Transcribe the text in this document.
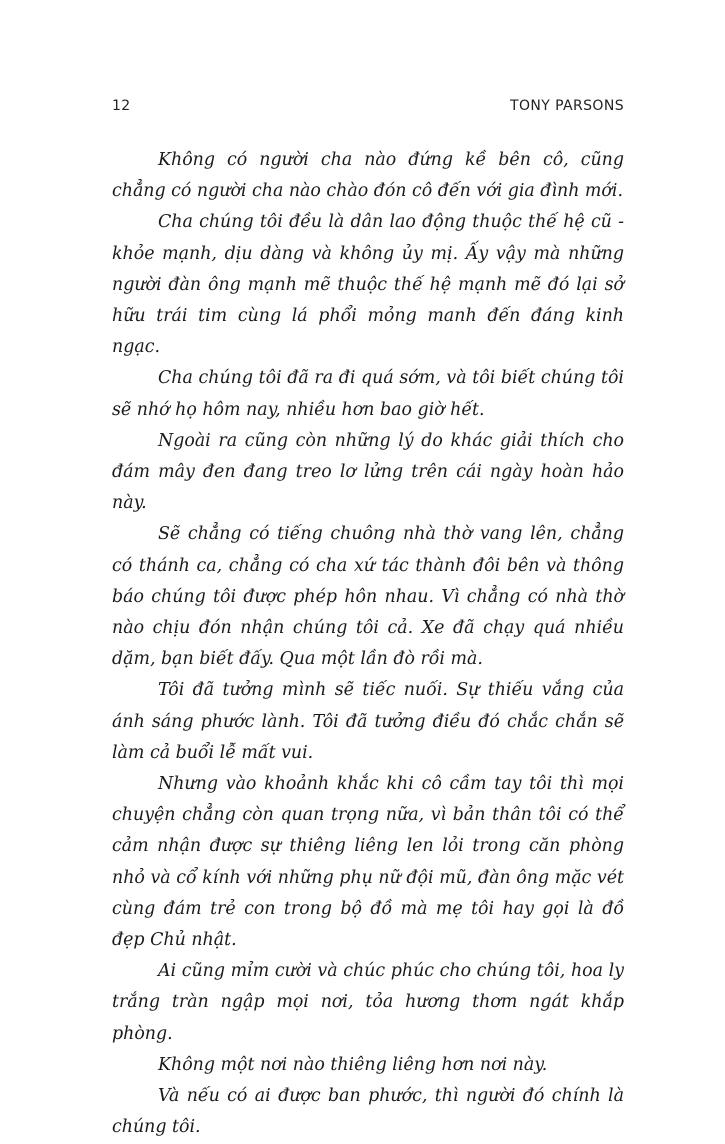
12	TONY PARSONS

Không có người cha nào đứng kề bên cô, cũng chẳng có người cha nào chào đón cô đến với gia đình mới.

Cha chúng tôi đều là dân lao động thuộc thế hệ cũ - khỏe mạnh, dịu dàng và không ủy mị. Ấy vậy mà những người đàn ông mạnh mẽ thuộc thế hệ mạnh mẽ đó lại sở hữu trái tim cùng lá phổi mỏng manh đến đáng kinh ngạc.

Cha chúng tôi đã ra đi quá sớm, và tôi biết chúng tôi sẽ nhớ họ hôm nay, nhiều hơn bao giờ hết.

Ngoài ra cũng còn những lý do khác giải thích cho đám mây đen đang treo lơ lửng trên cái ngày hoàn hảo này.

Sẽ chẳng có tiếng chuông nhà thờ vang lên, chẳng có thánh ca, chẳng có cha xứ tác thành đôi bên và thông báo chúng tôi được phép hôn nhau. Vì chẳng có nhà thờ nào chịu đón nhận chúng tôi cả. Xe đã chạy quá nhiều dặm, bạn biết đấy. Qua một lần đò rồi mà.

Tôi đã tưởng mình sẽ tiếc nuối. Sự thiếu vắng của ánh sáng phước lành. Tôi đã tưởng điều đó chắc chắn sẽ làm cả buổi lễ mất vui.

Nhưng vào khoảnh khắc khi cô cầm tay tôi thì mọi chuyện chẳng còn quan trọng nữa, vì bản thân tôi có thể cảm nhận được sự thiêng liêng len lỏi trong căn phòng nhỏ và cổ kính với những phụ nữ đội mũ, đàn ông mặc vét cùng đám trẻ con trong bộ đồ mà mẹ tôi hay gọi là đồ đẹp Chủ nhật.

Ai cũng mỉm cười và chúc phúc cho chúng tôi, hoa ly trắng tràn ngập mọi nơi, tỏa hương thơm ngát khắp phòng.

Không một nơi nào thiêng liêng hơn nơi này.

Và nếu có ai được ban phước, thì người đó chính là chúng tôi.
